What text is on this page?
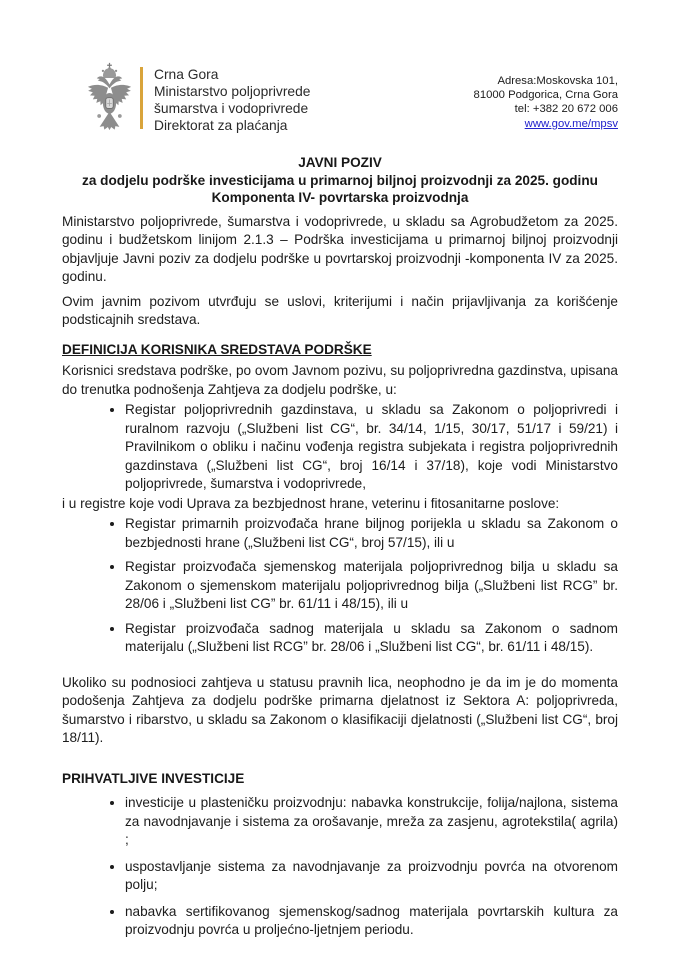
Crna Gora
Ministarstvo poljoprivrede
šumarstva i vodoprivrede
Direktorat za plaćanja
Adresa:Moskovska 101,
81000 Podgorica, Crna Gora
tel: +382 20 672 006
www.gov.me/mpsv
JAVNI POZIV
za dodjelu podrške investicijama u primarnoj biljnoj proizvodnji za 2025. godinu
Komponenta IV- povrtarska proizvodnja

Ministarstvo poljoprivrede, šumarstva i vodoprivrede, u skladu sa Agrobudžetom za 2025. godinu i budžetskom linijom 2.1.3 – Podrška investicijama u primarnoj biljnoj proizvodnji objavljuje Javni poziv za dodjelu podrške u povrtarskoj proizvodnji -komponenta IV za 2025. godinu.

Ovim javnim pozivom utvrđuju se uslovi, kriterijumi i način prijavljivanja za korišćenje podsticajnih sredstava.

DEFINICIJA KORISNIKA SREDSTAVA PODRŠKE

Korisnici sredstava podrške, po ovom Javnom pozivu, su poljoprivredna gazdinstva, upisana do trenutka podnošenja Zahtjeva za dodjelu podrške, u:

• Registar poljoprivrednih gazdinstava, u skladu sa Zakonom o poljoprivredi i ruralnom razvoju („Službeni list CG“, br. 34/14, 1/15, 30/17, 51/17 i 59/21) i Pravilnikom o obliku i načinu vođenja registra subjekata i registra poljoprivrednih gazdinstava („Službeni list CG“, broj 16/14 i 37/18), koje vodi Ministarstvo poljoprivrede, šumarstva i vodoprivrede,

i u registre koje vodi Uprava za bezbjednost hrane, veterinu i fitosanitarne poslove:

• Registar primarnih proizvođača hrane biljnog porijekla u skladu sa Zakonom o bezbjednosti hrane („Službeni list CG“, broj 57/15), ili u
• Registar proizvođača sjemenskog materijala poljoprivrednog bilja u skladu sa Zakonom o sjemenskom materijalu poljoprivrednog bilja („Službeni list RCG” br. 28/06 i „Službeni list CG” br. 61/11 i 48/15), ili u
• Registar proizvođača sadnog materijala u skladu sa Zakonom o sadnom materijalu („Službeni list RCG” br. 28/06 i „Službeni list CG“, br. 61/11 i 48/15).

Ukoliko su podnosioci zahtjeva u statusu pravnih lica, neophodno je da im je do momenta podošenja Zahtjeva za dodjelu podrške primarna djelatnost iz Sektora A: poljoprivreda, šumarstvo i ribarstvo, u skladu sa Zakonom o klasifikaciji djelatnosti („Službeni list CG“, broj 18/11).

PRIHVATLJIVE INVESTICIJE
• investicije u plasteničku proizvodnju: nabavka konstrukcije, folija/najlona, sistema za navodnjavanje i sistema za orošavanje, mreža za zasjenu, agrotekstila( agrila) ;
• uspostavljanje sistema za navodnjavanje za proizvodnju povrća na otvorenom polju;
• nabavka sertifikovanog sjemenskog/sadnog materijala povrtarskih kultura za proizvodnju povrća u proljećno-ljetnjem periodu.
